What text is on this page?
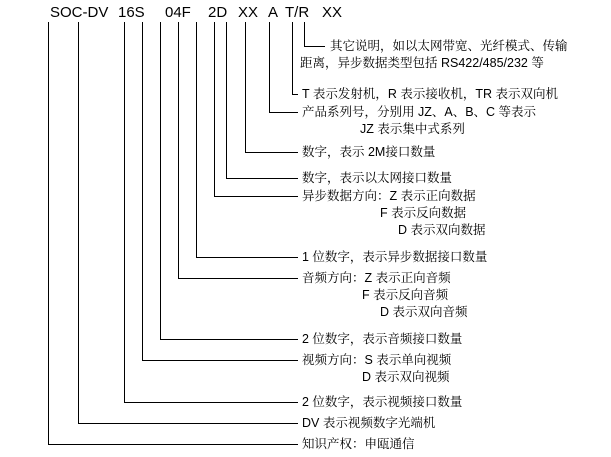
SOC-DV 16S 04F 2D XX A T/R XX
其它说明，如以太网带宽、光纤模式、传输
距离，异步数据类型包括 RS422/485/232 等
T 表示发射机，R 表示接收机，TR 表示双向机
产品系列号，分别用 JZ、A、B、C 等表示
JZ 表示集中式系列
数字，表示 2M接口数量
数字，表示以太网接口数量
异步数据方向：Z 表示正向数据
F 表示反向数据
D 表示双向数据
1 位数字，表示异步数据接口数量
音频方向：Z 表示正向音频
F 表示反向音频
D 表示双向音频
2 位数字，表示音频接口数量
视频方向：S 表示单向视频
D 表示双向视频
2 位数字，表示视频接口数量
DV 表示视频数字光端机
知识产权：申瓯通信
